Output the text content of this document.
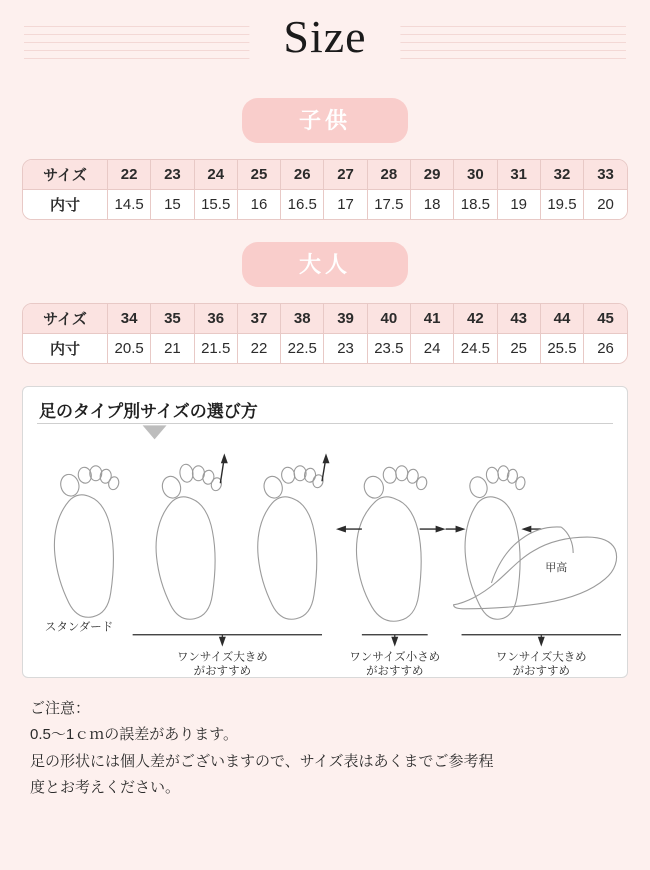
Size
子供
サイズ	22	23	24	25	26	27	28	29	30	31	32	33
内寸	14.5	15	15.5	16	16.5	17	17.5	18	18.5	19	19.5	20
大人
サイズ	34	35	36	37	38	39	40	41	42	43	44	45
内寸	20.5	21	21.5	22	22.5	23	23.5	24	24.5	25	25.5	26
足のタイプ別サイズの選び方
甲高
スタンダード
ワンサイズ大きめ
がおすすめ
ワンサイズ小さめ
がおすすめ
ワンサイズ大きめ
がおすすめ
ご注意：
0.5〜1ｃｍの誤差があります。
足の形状には個人差がございますので、サイズ表はあくまでご参考程
度とお考えください。
